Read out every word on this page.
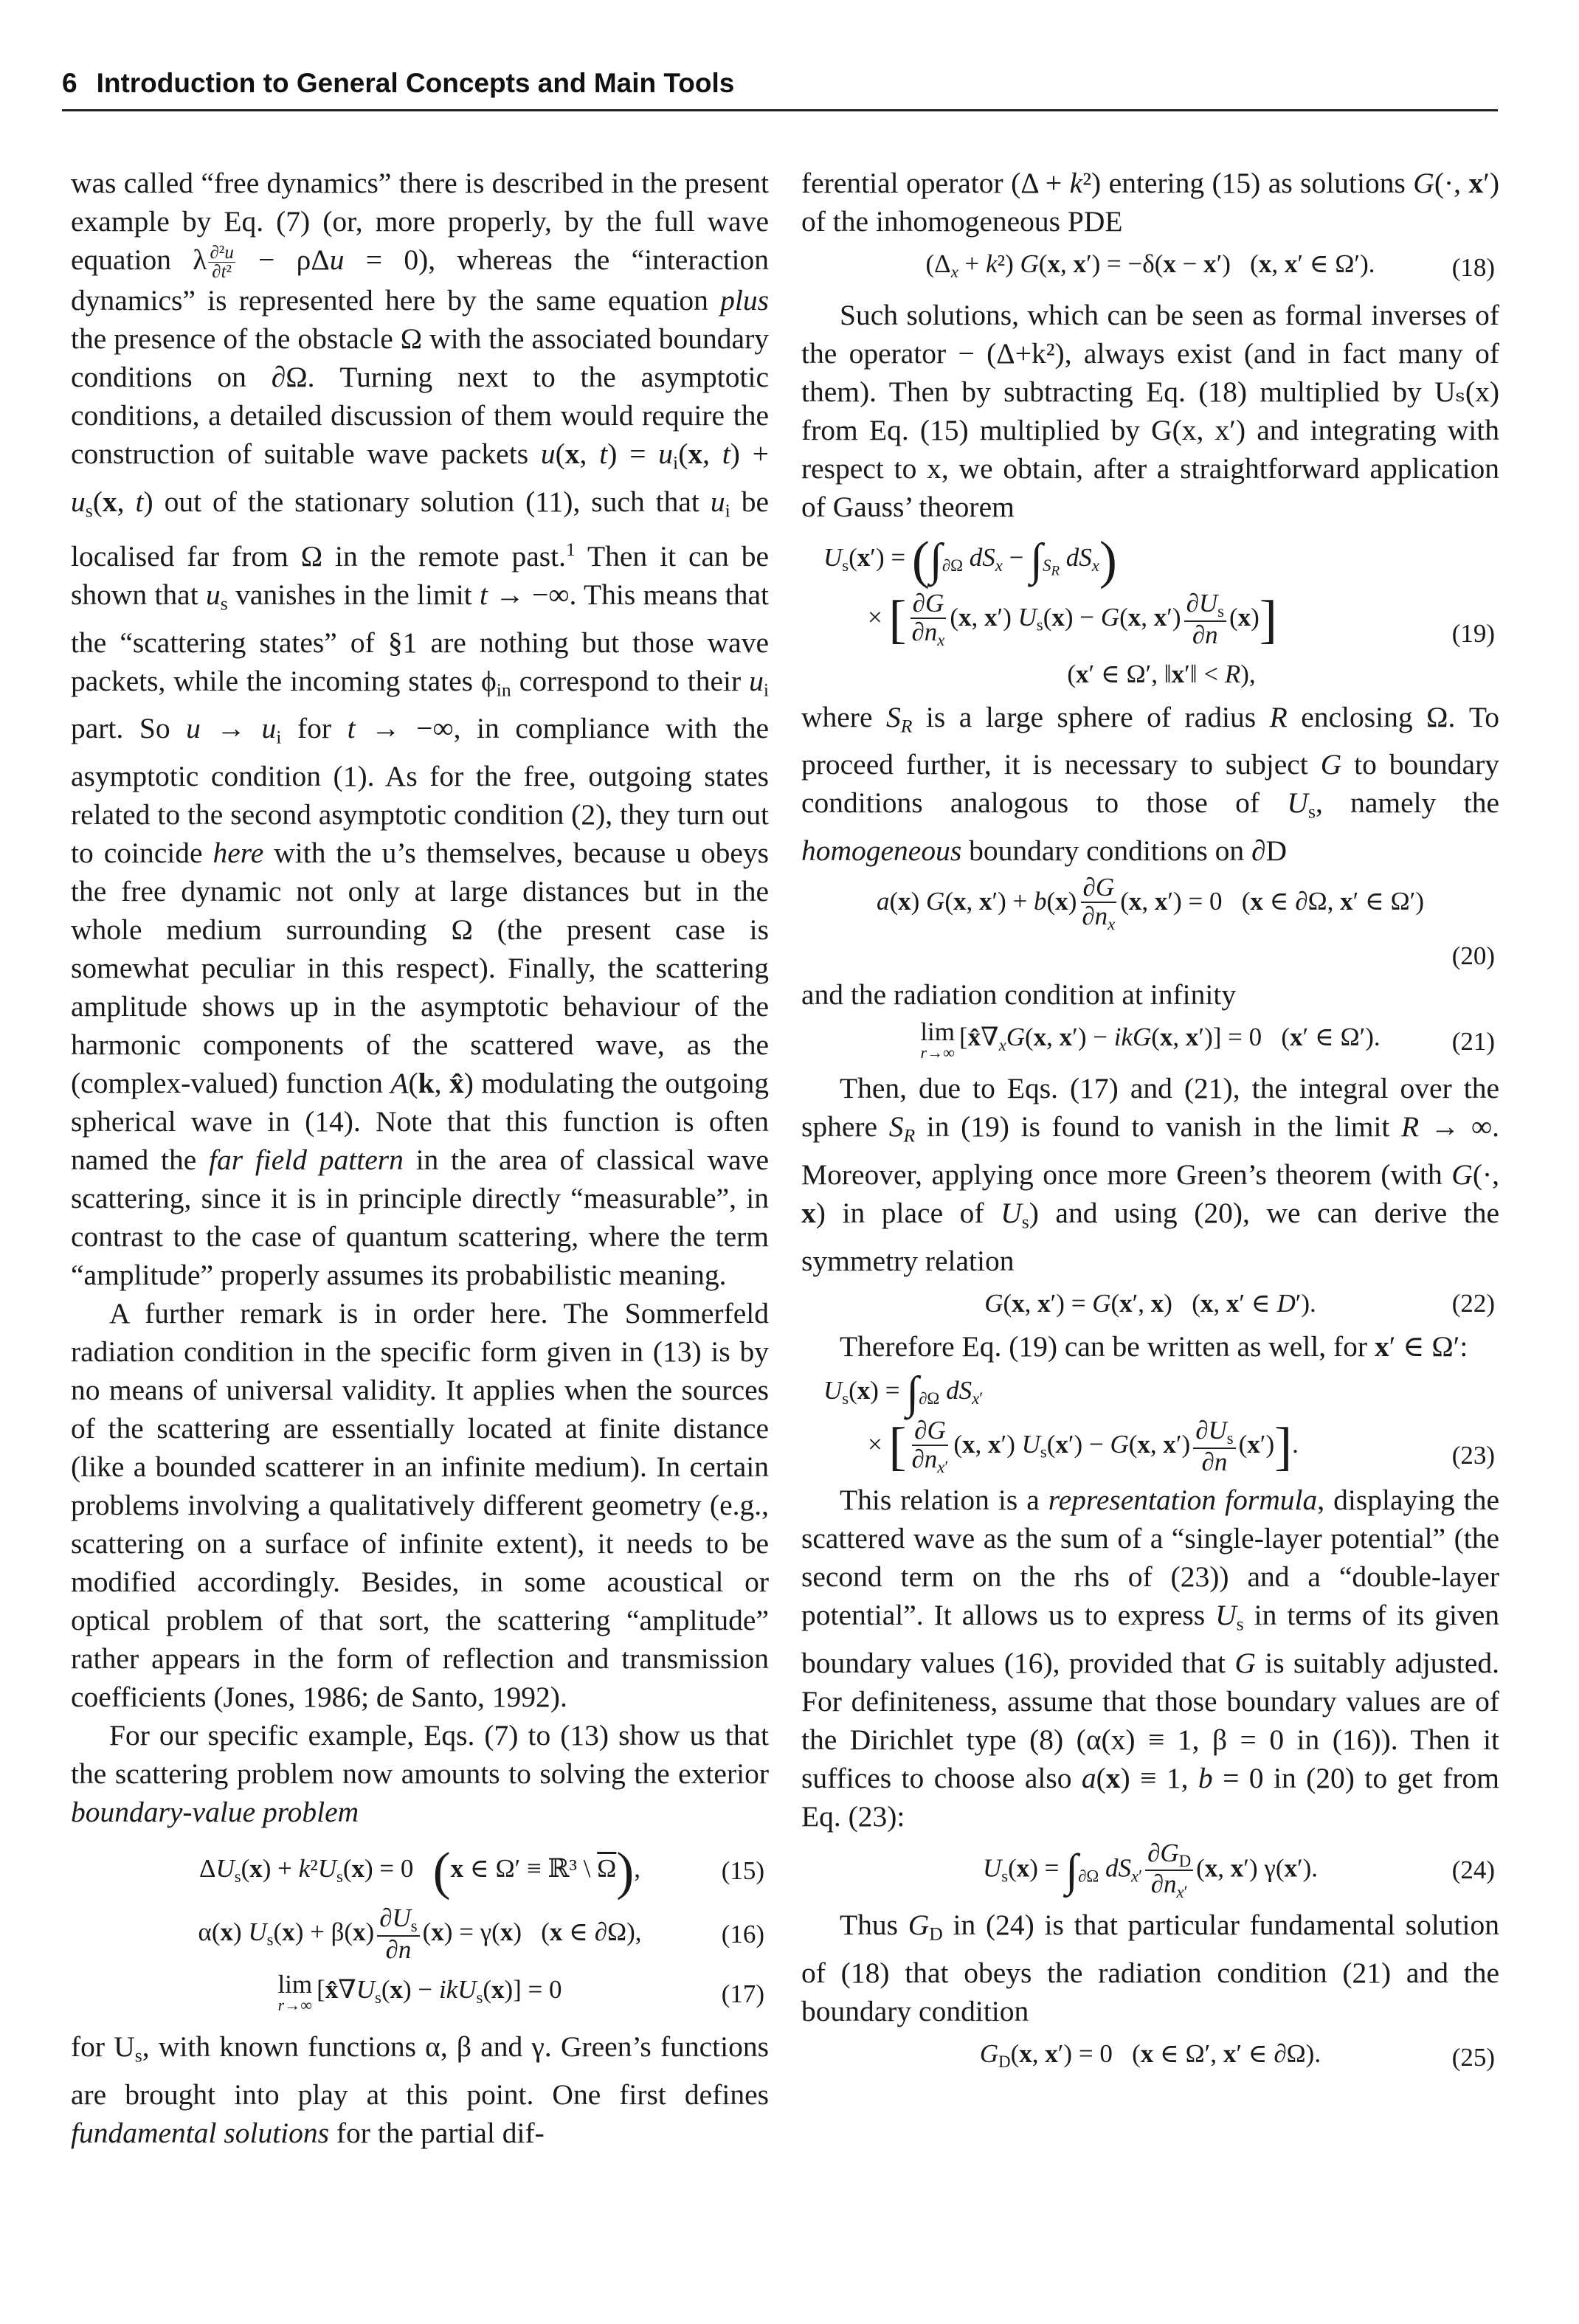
6 Introduction to General Concepts and Main Tools

was called “free dynamics” there is described in the present example by Eq. (7) (or, more properly, by the full wave equation λ $\frac{\text{∂²u}}{\text{∂t²}} - \rho\Delta u = 0$), whereas the “interaction dynamics” is represented here by the same equation plus the presence of the obstacle Ω with the associated boundary conditions on ∂Ω. Turning next to the asymptotic conditions, a detailed discussion of them would require the construction of suitable wave packets u(x, $t) = u_i(x$, $t) + u_s(x$, t) out of the stationary solution (11), such that $u_i$ be localised far from Ω in the remote past.$^1$ Then it can be shown that $u_s$ vanishes in the limit t → −∞. This means that the “scattering states” of §1 are nothing but those wave packets, while the incoming states $\phi_{in}$ correspond to their $u_i$ part. So $u \to u_i$ for t → −∞, in compliance with the asymptotic condition (1). As for the free, outgoing states related to the second asymptotic condition (2), they turn out to coincide here with the u’s themselves, because u obeys the free dynamic not only at large distances but in the whole medium surrounding Ω (the present case is somewhat peculiar in this respect). Finally, the scattering amplitude shows up in the asymptotic behaviour of the harmonic components of the scattered wave, as the (complex-valued) function A(k, x̂) modulating the outgoing spherical wave in (14). Note that this function is often named the far field pattern in the area of classical wave scattering, since it is in principle directly “measurable”, in contrast to the case of quantum scattering, where the term “amplitude” properly assumes its probabilistic meaning.

A further remark is in order here. The Sommerfeld radiation condition in the specific form given in (13) is by no means of universal validity. It applies when the sources of the scattering are essentially located at finite distance (like a bounded scatterer in an infinite medium). In certain problems involving a qualitatively different geometry (e.g., scattering on a surface of infinite extent), it needs to be modified accordingly. Besides, in some acoustical or optical problem of that sort, the scattering “amplitude” rather appears in the form of reflection and transmission coefficients (Jones, 1986; de Santo, 1992).

For our specific example, Eqs. (7) to (13) show us that the scattering problem now amounts to solving the exterior boundary-value problem

$\Delta U_s(x) + k^2U_s(x) = 0$   (x ∈ Ω′ ≡ ℝ³ \ $\overline{\Omega}$),	(15)
α(x) $U_s(x) + \beta(x) \frac{\partial U_s}{\partial n} (x) = \gamma(x)$   (x ∈ ∂Ω),	(16)
lim
r→∞
$[x̂\nabla U_s(x) - ikU_s(x)] = 0$	(17)

for $U_s$, with known functions α, β and γ. Green’s functions are brought into play at this point. One first defines fundamental solutions for the partial dif-

ferential operator (Δ + k²) entering (15) as solutions G(·, x′) of the inhomogeneous PDE

$(\Delta_x + k^2)$ G(x, x′) = −δ(x − x′)   (x, x′ ∈ Ω′).	(18)

Such solutions, which can be seen as formal inverses of the operator − (Δ+k²), always exist (and in fact many of them). Then by subtracting Eq. (18) multiplied by Uₛ(x) from Eq. (15) multiplied by G(x, x′) and integrating with respect to x, we obtain, after a straightforward application of Gauss’ theorem

$U_s(x') = (\int_{\partial\Omega}$ $dS_x - \int_{S_R}$ $dS_x$)
× [ $\frac{\partial G}{\partial n_x} (x$, x′) $U_s(x) - G(x$, $x') \frac{\partial U_s}{\partial n} (x)$]
(x′ ∈ Ω′, ‖x′‖ < R),
(19)

where $S_R$ is a large sphere of radius R enclosing Ω. To proceed further, it is necessary to subject G to boundary conditions analogous to those of $U_s$, namely the homogeneous boundary conditions on ∂D

a(x) G(x, $x') + b(x) \frac{\partial G}{\partial n_x} (x$, x′) = 0   (x ∈ ∂Ω, x′ ∈ Ω′)
(20)

and the radiation condition at infinity

lim
r→∞
[$x̂\nabla_xG(x$, x′) − ikG(x, x′)] = 0   (x′ ∈ Ω′).	(21)

Then, due to Eqs. (17) and (21), the integral over the sphere $S_R$ in (19) is found to vanish in the limit R → ∞. Moreover, applying once more Green’s theorem (with G(·, x) in place of $U_s$) and using (20), we can derive the symmetry relation

G(x, x′) = G(x′, x)   (x, x′ ∈ D′).	(22)

Therefore Eq. (19) can be written as well, for x′ ∈ Ω′:

$U_s(x) = \int_{\partial\Omega}$ $dS_{x'}$
× [ $\frac{\partial G}{\partial n_{x'}} (x$, x′) $U_s(x') - G(x$, $x') \frac{\partial U_s}{\partial n} (x')$].	(23)

This relation is a representation formula, displaying the scattered wave as the sum of a “single-layer potential” (the second term on the rhs of (23)) and a “double-layer potential”. It allows us to express $U_s$ in terms of its given boundary values (16), provided that G is suitably adjusted. For definiteness, assume that those boundary values are of the Dirichlet type (8) (α(x) ≡ 1, β = 0 in (16)). Then it suffices to choose also a(x) ≡ 1, b = 0 in (20) to get from Eq. (23):

$U_s(x) = \int_{\partial\Omega}$ $dS_{x'} \frac{\partial G_D}{\partial n_{x'}} (x$, x′) γ(x′).	(24)

Thus $G_D$ in (24) is that particular fundamental solution of (18) that obeys the radiation condition (21) and the boundary condition

$G_D(x$, x′) = 0   (x ∈ Ω′, x′ ∈ ∂Ω).	(25)
